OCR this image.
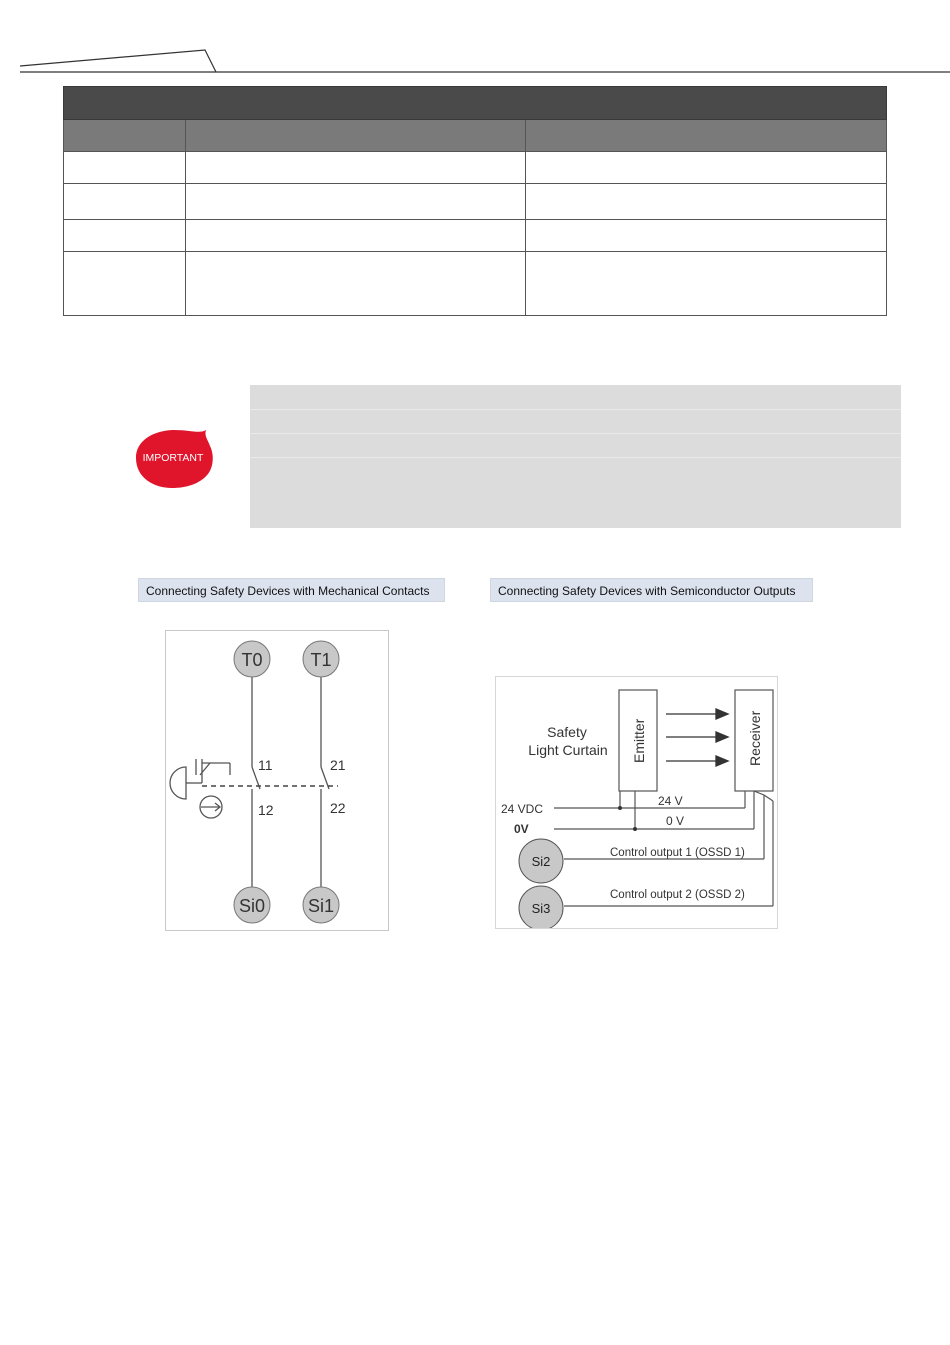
IMPORTANT
Connecting Safety Devices with Mechanical Contacts	Connecting Safety Devices with Semiconductor Outputs
T0	T1
Si0 Si1
11	21
12	22
Emitter	Receiver
Safety
Light Curtain
24 VDC
0V
24 V
0 V
Control output 1 (OSSD 1)
Control output 2 (OSSD 2)
Si2
Si3
